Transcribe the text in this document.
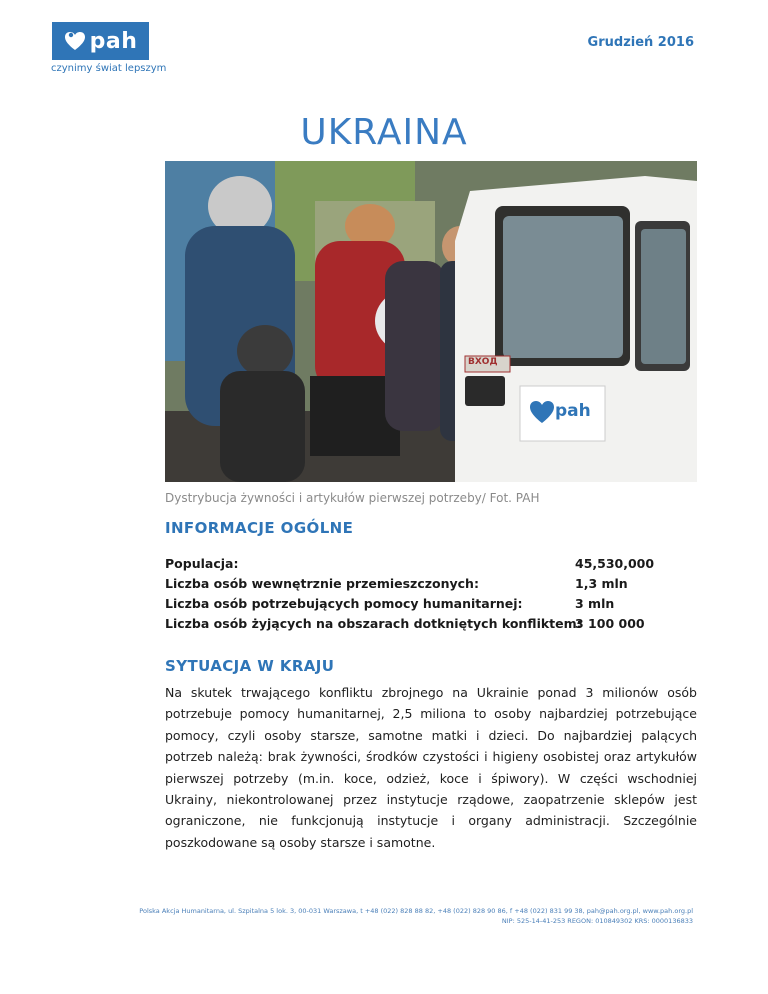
pah
czynimy świat lepszym
Grudzień 2016
UKRAINA
ВХОД
pah
Dystrybucja żywności i artykułów pierwszej potrzeby/ Fot. PAH
INFORMACJE OGÓLNE
Populacja:	45,530,000
Liczba osób wewnętrznie przemieszczonych:	1,3 mln
Liczba osób potrzebujących pomocy humanitarnej:	3 mln
Liczba osób żyjących na obszarach dotkniętych konfliktem:
3 100 000
SYTUACJA W KRAJU
Na skutek trwającego konfliktu zbrojnego na Ukrainie ponad 3 milionów osób potrzebuje pomocy humanitarnej, 2,5 miliona to osoby najbardziej potrzebujące pomocy, czyli osoby starsze, samotne matki i dzieci. Do najbardziej palących potrzeb należą: brak żywności, środków czystości i higieny osobistej oraz artykułów pierwszej potrzeby (m.in. koce, odzież, koce i śpiwory). W części wschodniej Ukrainy, niekontrolowanej przez instytucje rządowe, zaopatrzenie sklepów jest ograniczone, nie funkcjonują instytucje i organy administracji. Szczególnie poszkodowane są osoby starsze i samotne.
Polska Akcja Humanitarna, ul. Szpitalna 5 lok. 3, 00-031 Warszawa, t +48 (022) 828 88 82, +48 (022) 828 90 86, f +48 (022) 831 99 38, pah@pah.org.pl, www.pah.org.pl
NIP: 525-14-41-253 REGON: 010849302 KRS: 0000136833
